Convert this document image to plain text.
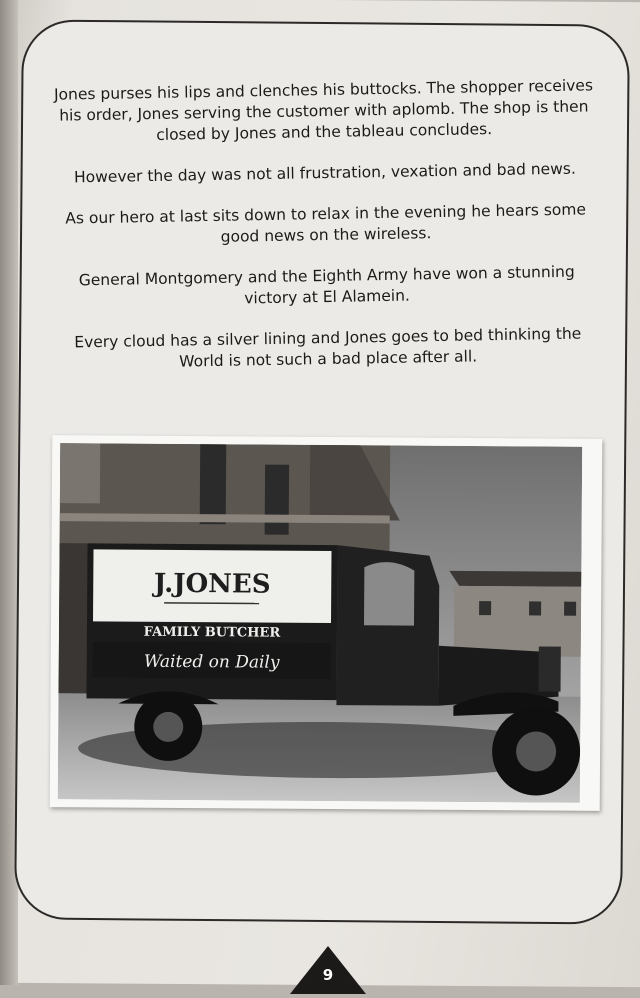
Jones purses his lips and clenches his buttocks. The shopper receives his order, Jones serving the customer with aplomb. The shop is then closed by Jones and the tableau concludes.

However the day was not all frustration, vexation and bad news.

As our hero at last sits down to relax in the evening he hears some good news on the wireless.

General Montgomery and the Eighth Army have won a stunning victory at El Alamein.

Every cloud has a silver lining and Jones goes to bed thinking the World is not such a bad place after all.

J.JONES
FAMILY BUTCHER
Waited on Daily
9
